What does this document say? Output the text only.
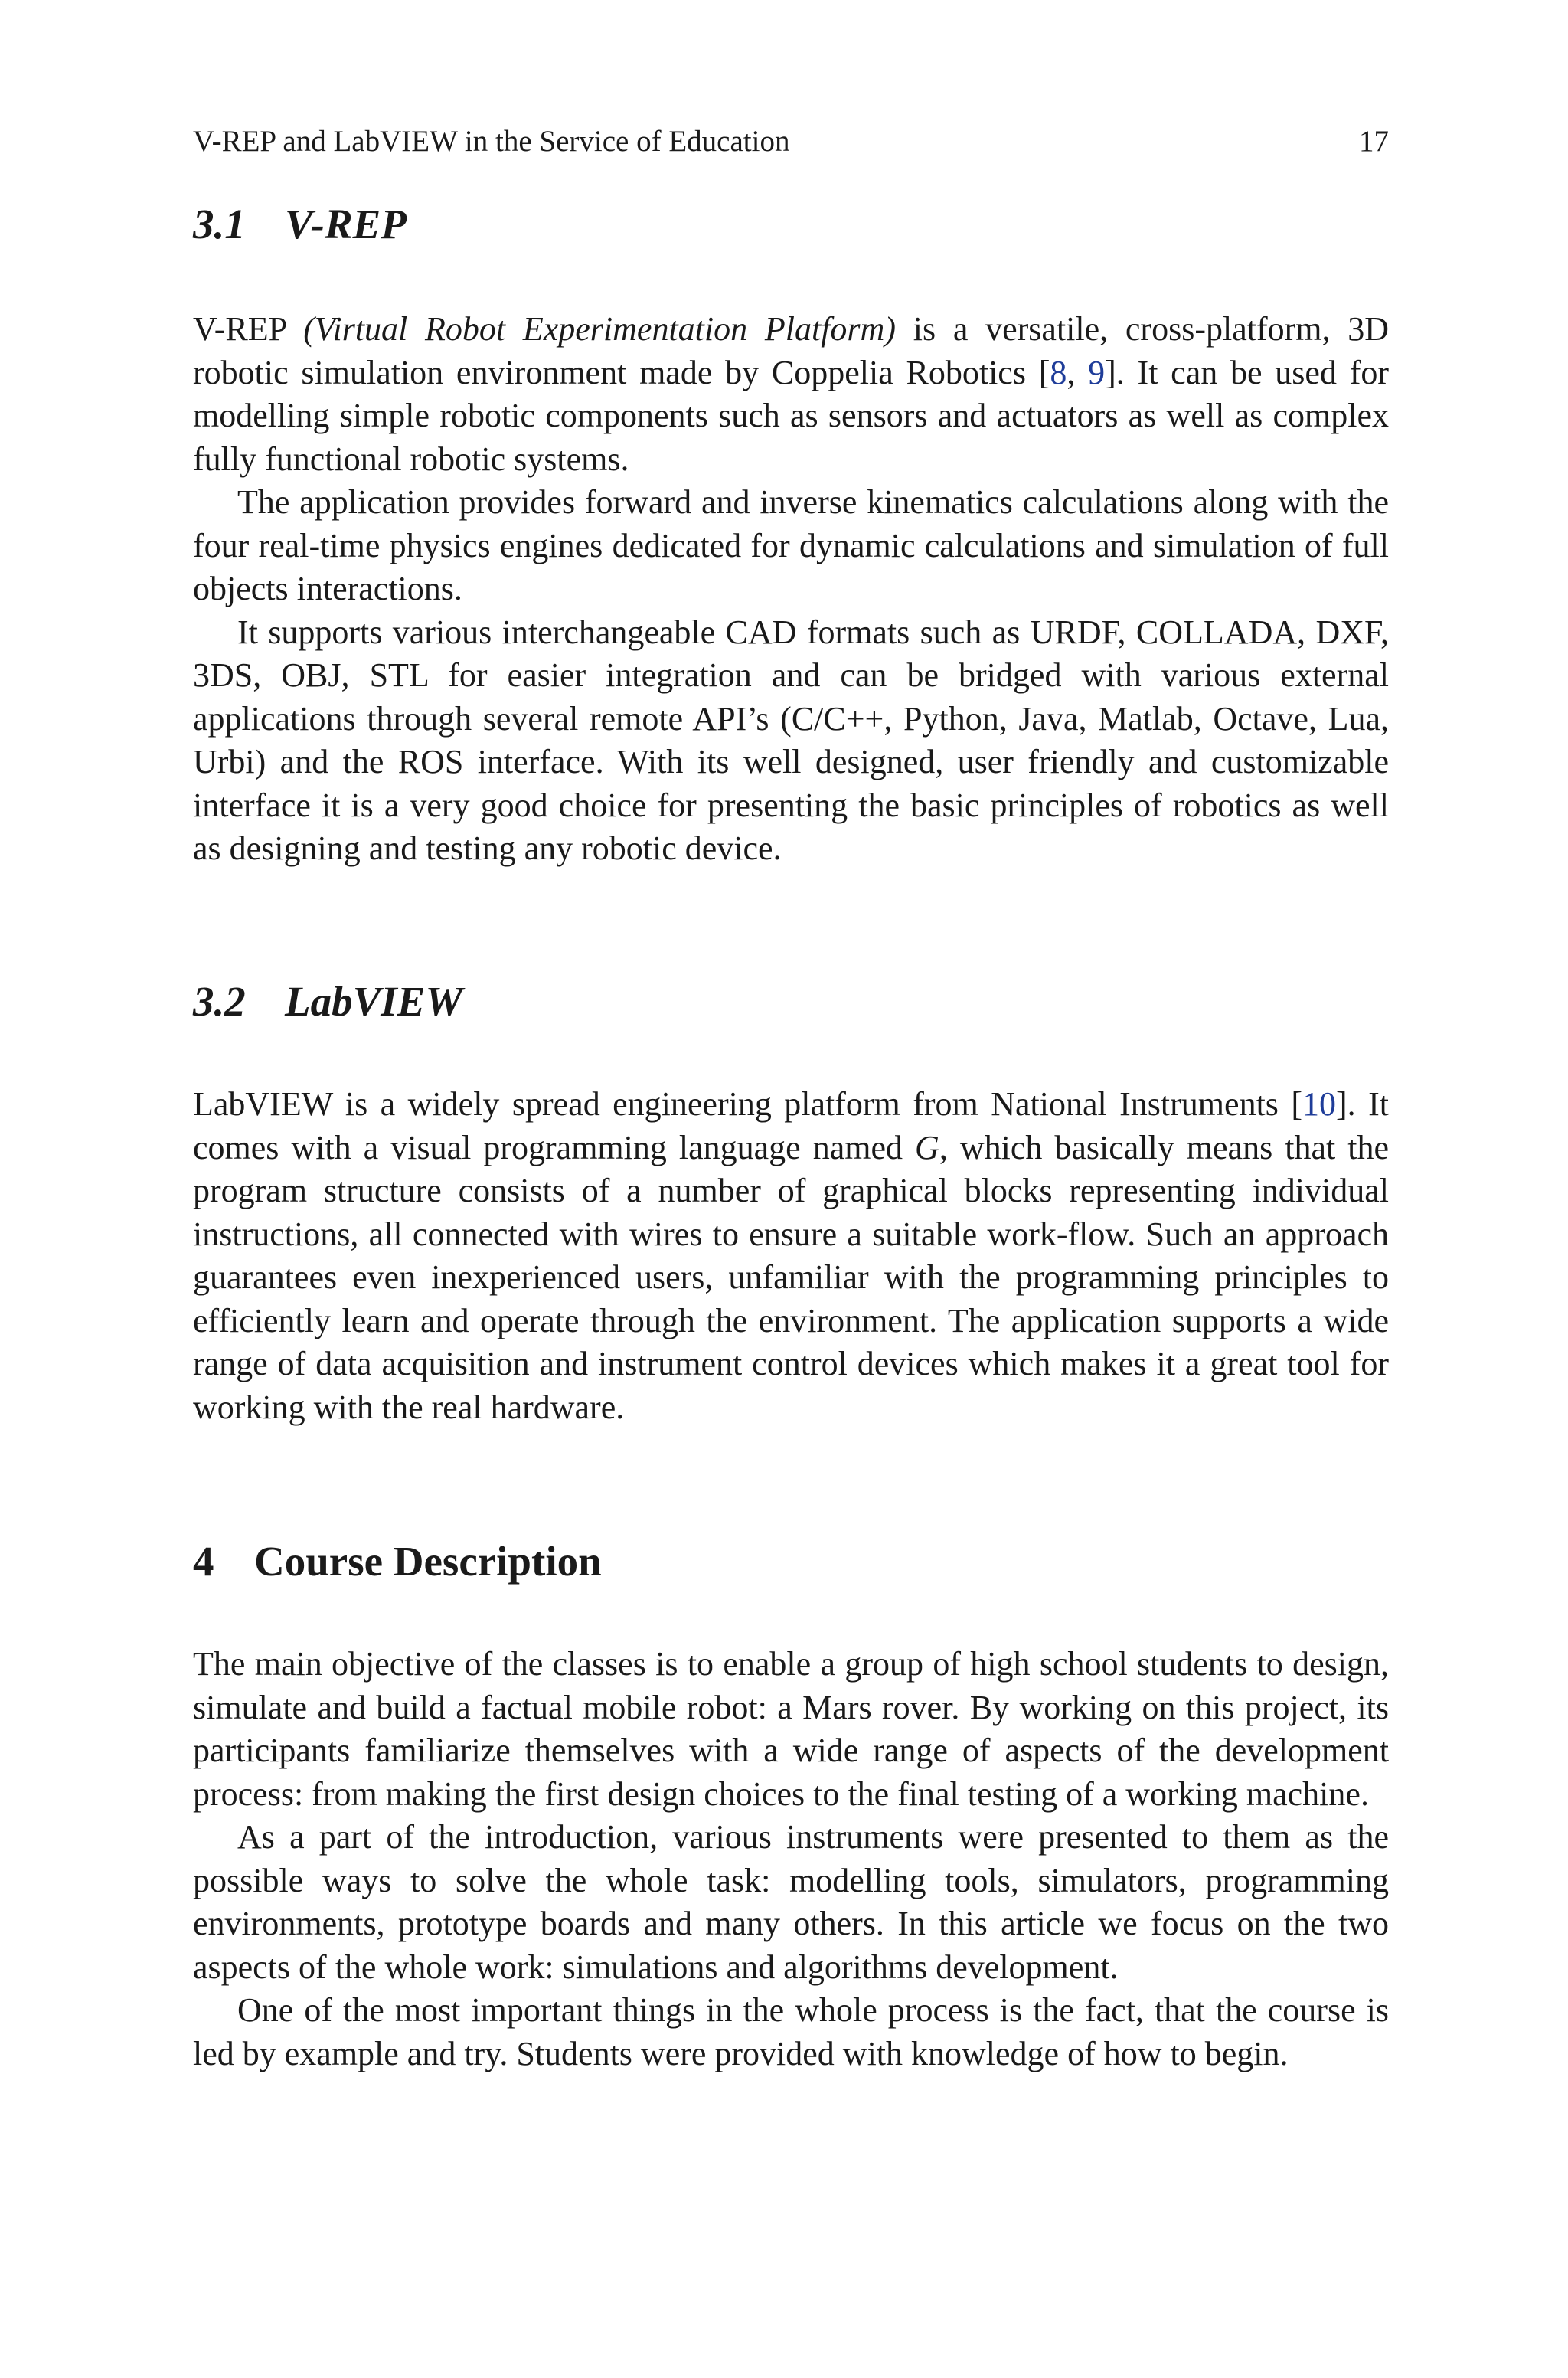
V-REP and LabVIEW in the Service of Education	17
3.1 V-REP

V-REP (Virtual Robot Experimentation Platform) is a versatile, cross-platform, 3D robotic simulation environment made by Coppelia Robotics [8, 9]. It can be used for modelling simple robotic components such as sensors and actuators as well as complex fully functional robotic systems.

The application provides forward and inverse kinematics calculations along with the four real-time physics engines dedicated for dynamic calculations and simulation of full objects interactions.

It supports various interchangeable CAD formats such as URDF, COLLADA, DXF, 3DS, OBJ, STL for easier integration and can be bridged with various external applications through several remote API’s (C/C++, Python, Java, Matlab, Octave, Lua, Urbi) and the ROS interface. With its well designed, user friendly and customizable interface it is a very good choice for presenting the basic principles of robotics as well as designing and testing any robotic device.

3.2 LabVIEW

LabVIEW is a widely spread engineering platform from National Instruments [10]. It comes with a visual programming language named G, which basically means that the program structure consists of a number of graphical blocks representing individual instructions, all connected with wires to ensure a suitable work-flow. Such an approach guarantees even inexperienced users, unfamiliar with the programming principles to efficiently learn and operate through the environment. The application supports a wide range of data acquisition and instrument control devices which makes it a great tool for working with the real hardware.

4 Course Description

The main objective of the classes is to enable a group of high school students to design, simulate and build a factual mobile robot: a Mars rover. By working on this project, its participants familiarize themselves with a wide range of aspects of the development process: from making the first design choices to the final testing of a working machine.

As a part of the introduction, various instruments were presented to them as the possible ways to solve the whole task: modelling tools, simulators, programming environments, prototype boards and many others. In this article we focus on the two aspects of the whole work: simulations and algorithms development.

One of the most important things in the whole process is the fact, that the course is led by example and try. Students were provided with knowledge of how to begin.
